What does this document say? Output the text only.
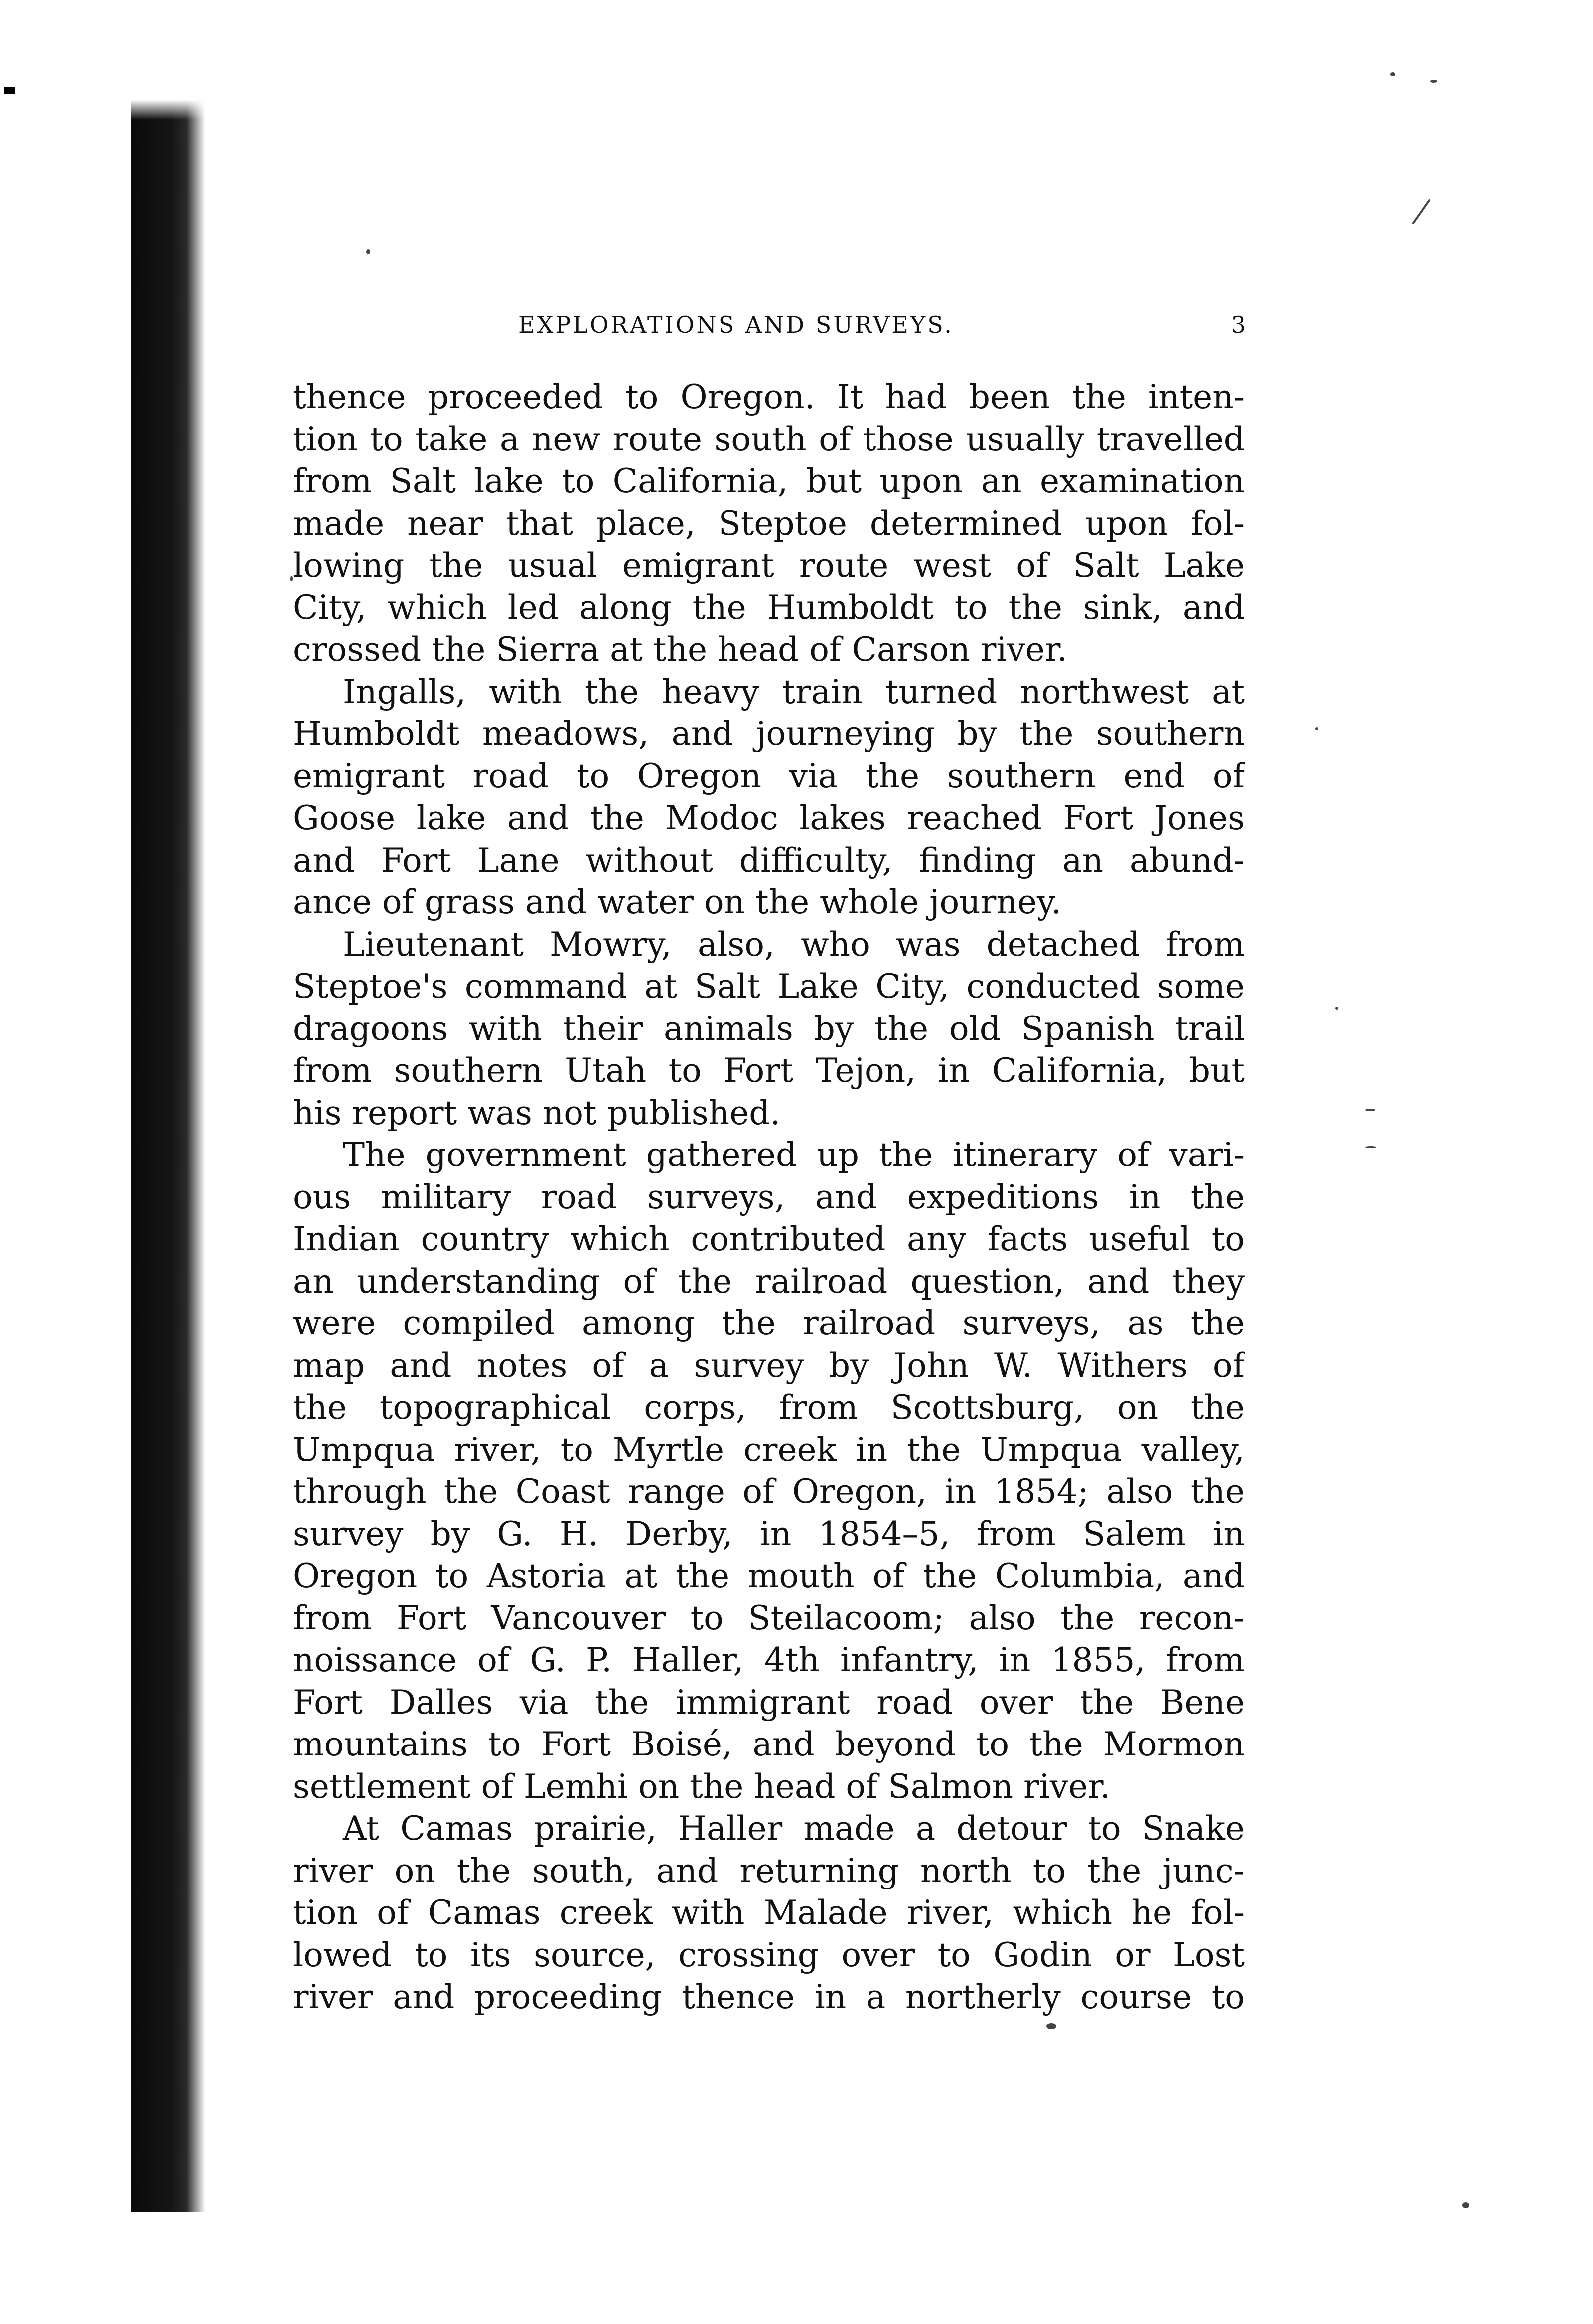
EXPLORATIONS AND SURVEYS.	3
thence proceeded to Oregon. It had been the inten-
tion to take a new route south of those usually travelled
from Salt lake to California, but upon an examination
made near that place, Steptoe determined upon fol-
lowing the usual emigrant route west of Salt Lake
City, which led along the Humboldt to the sink, and
crossed the Sierra at the head of Carson river.
Ingalls, with the heavy train turned northwest at
Humboldt meadows, and journeying by the southern
emigrant road to Oregon via the southern end of
Goose lake and the Modoc lakes reached Fort Jones
and Fort Lane without difficulty, finding an abund-
ance of grass and water on the whole journey.
Lieutenant Mowry, also, who was detached from
Steptoe's command at Salt Lake City, conducted some
dragoons with their animals by the old Spanish trail
from southern Utah to Fort Tejon, in California, but
his report was not published.
The government gathered up the itinerary of vari-
ous military road surveys, and expeditions in the
Indian country which contributed any facts useful to
an understanding of the railroad question, and they
were compiled among the railroad surveys, as the
map and notes of a survey by John W. Withers of
the topographical corps, from Scottsburg, on the
Umpqua river, to Myrtle creek in the Umpqua valley,
through the Coast range of Oregon, in 1854; also the
survey by G. H. Derby, in 1854–5, from Salem in
Oregon to Astoria at the mouth of the Columbia, and
from Fort Vancouver to Steilacoom; also the recon-
noissance of G. P. Haller, 4th infantry, in 1855, from
Fort Dalles via the immigrant road over the Bene
mountains to Fort Boisé, and beyond to the Mormon
settlement of Lemhi on the head of Salmon river.
At Camas prairie, Haller made a detour to Snake
river on the south, and returning north to the junc-
tion of Camas creek with Malade river, which he fol-
lowed to its source, crossing over to Godin or Lost
river and proceeding thence in a northerly course to
